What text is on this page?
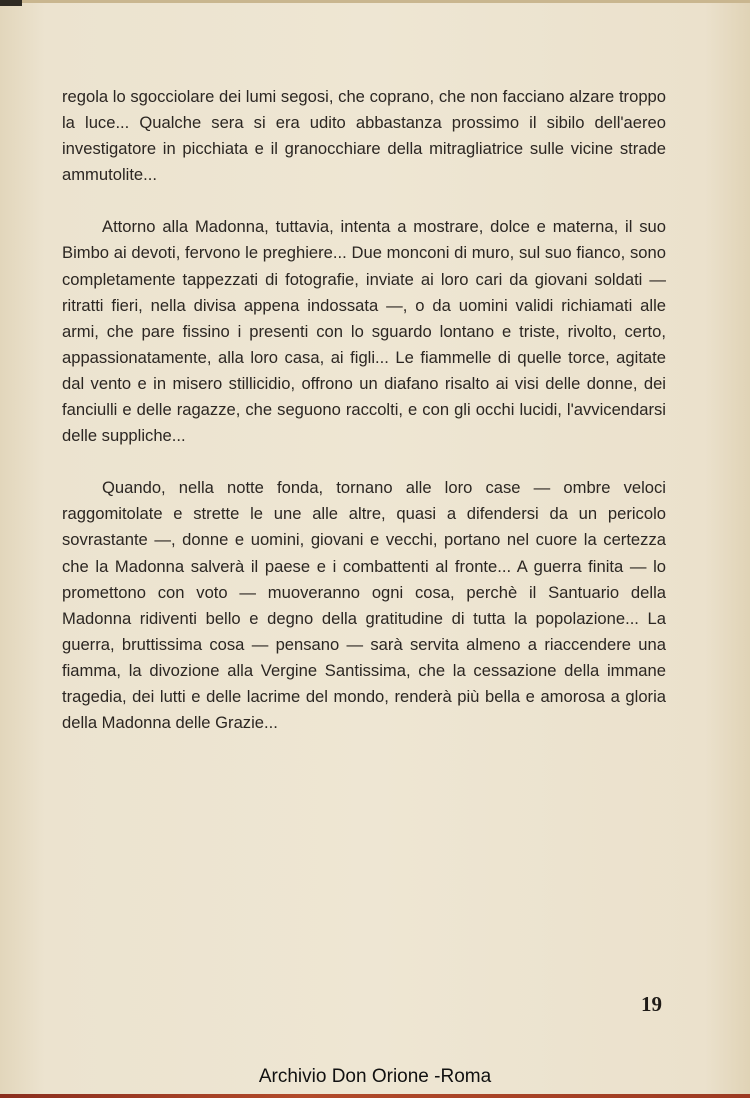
regola lo sgocciolare dei lumi segosi, che coprano, che non facciano alzare troppo la luce... Qualche sera si era udito abbastanza prossimo il sibilo dell'aereo investigatore in picchiata e il granocchiare della mitragliatrice sulle vicine strade ammutolite...

Attorno alla Madonna, tuttavia, intenta a mostrare, dolce e materna, il suo Bimbo ai devoti, fervono le preghiere... Due monconi di muro, sul suo fianco, sono completamente tappezzati di fotografie, inviate ai loro cari da giovani soldati — ritratti fieri, nella divisa appena indossata —, o da uomini validi richiamati alle armi, che pare fissino i presenti con lo sguardo lontano e triste, rivolto, certo, appassionatamente, alla loro casa, ai figli... Le fiammelle di quelle torce, agitate dal vento e in misero stillicidio, offrono un diafano risalto ai visi delle donne, dei fanciulli e delle ragazze, che seguono raccolti, e con gli occhi lucidi, l'avvicendarsi delle suppliche...

Quando, nella notte fonda, tornano alle loro case — ombre veloci raggomitolate e strette le une alle altre, quasi a difendersi da un pericolo sovrastante —, donne e uomini, giovani e vecchi, portano nel cuore la certezza che la Madonna salverà il paese e i combattenti al fronte... A guerra finita — lo promettono con voto — muoveranno ogni cosa, perchè il Santuario della Madonna ridiventi bello e degno della gratitudine di tutta la popolazione... La guerra, bruttissima cosa — pensano — sarà servita almeno a riaccendere una fiamma, la divozione alla Vergine Santissima, che la cessazione della immane tragedia, dei lutti e delle lacrime del mondo, renderà più bella e amorosa a gloria della Madonna delle Grazie...

19
Archivio Don Orione -Roma
